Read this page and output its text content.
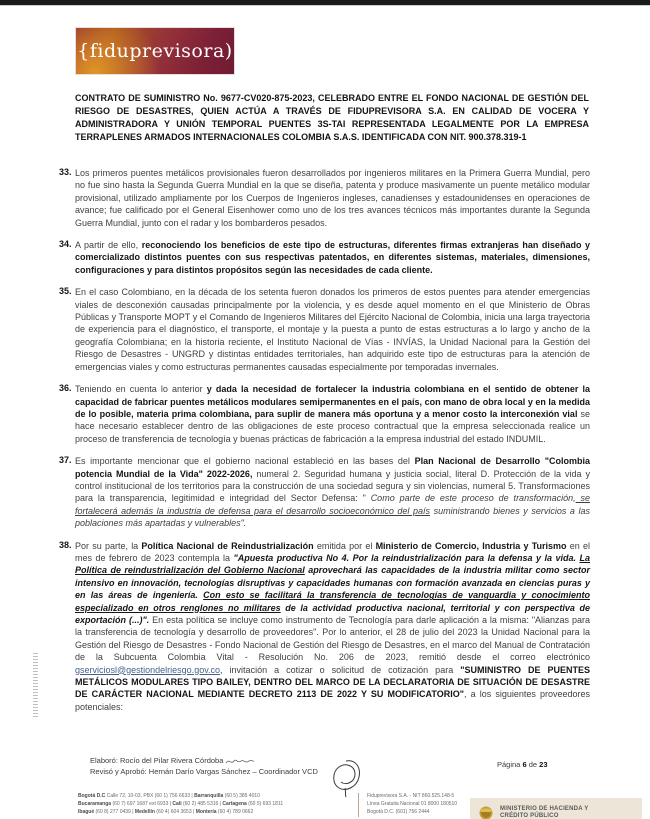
{fiduprevisora)
CONTRATO DE SUMINISTRO No. 9677-CV020-875-2023, CELEBRADO ENTRE EL FONDO NACIONAL DE GESTIÓN DEL RIESGO DE DESASTRES, QUIEN ACTÚA A TRAVÉS DE FIDUPREVISORA S.A. EN CALIDAD DE VOCERA Y ADMINISTRADORA Y UNIÓN TEMPORAL PUENTES 3S-TAI REPRESENTADA LEGALMENTE POR LA EMPRESA TERRAPLENES ARMADOS INTERNACIONALES COLOMBIA S.A.S. IDENTIFICADA CON NIT. 900.378.319-1
33. Los primeros puentes metálicos provisionales fueron desarrollados por ingenieros militares en la Primera Guerra Mundial, pero no fue sino hasta la Segunda Guerra Mundial en la que se diseña, patenta y produce masivamente un puente metálico modular provisional, utilizado ampliamente por los Cuerpos de Ingenieros ingleses, canadienses y estadounidenses en operaciones de avance; fue calificado por el General Eisenhower como uno de los tres avances técnicos más importantes durante la Segunda Guerra Mundial, junto con el radar y los bombarderos pesados.
34. A partir de ello, reconociendo los beneficios de este tipo de estructuras, diferentes firmas extranjeras han diseñado y comercializado distintos puentes con sus respectivas patentados, en diferentes sistemas, materiales, dimensiones, configuraciones y para distintos propósitos según las necesidades de cada cliente.
35. En el caso Colombiano, en la década de los setenta fueron donados los primeros de estos puentes para atender emergencias viales de desconexión causadas principalmente por la violencia, y es desde aquel momento en el que Ministerio de Obras Públicas y Transporte MOPT y el Comando de Ingenieros Militares del Ejército Nacional de Colombia, inicia una larga trayectoria de experiencia para el diagnóstico, el transporte, el montaje y la puesta a punto de estas estructuras a lo largo y ancho de la geografía Colombiana; en la historia reciente, el Instituto Nacional de Vías - INVÍAS, la Unidad Nacional para la Gestión del Riesgo de Desastres - UNGRD y distintas entidades territoriales, han adquirido este tipo de estructuras para la atención de emergencias viales y como estructuras permanentes causadas especialmente por temporadas invernales.
36. Teniendo en cuenta lo anterior y dada la necesidad de fortalecer la industria colombiana en el sentido de obtener la capacidad de fabricar puentes metálicos modulares semipermanentes en el país, con mano de obra local y en la medida de lo posible, materia prima colombiana, para suplir de manera más oportuna y a menor costo la interconexión vial se hace necesario establecer dentro de las obligaciones de este proceso contractual que la empresa seleccionada realice un proceso de transferencia de tecnología y buenas prácticas de fabricación a la empresa industrial del estado INDUMIL.
37. Es importante mencionar que el gobierno nacional estableció en las bases del Plan Nacional de Desarrollo "Colombia potencia Mundial de la Vida" 2022-2026, numeral 2. Seguridad humana y justicia social, literal D. Protección de la vida y control institucional de los territorios para la construcción de una sociedad segura y sin violencias, numeral 5. Transformaciones para la transparencia, legitimidad e integridad del Sector Defensa: " Como parte de este proceso de transformación, se fortalecerá además la industria de defensa para el desarrollo socioeconómico del país suministrando bienes y servicios a las poblaciones más apartadas y vulnerables".
38. Por su parte, la Política Nacional de Reindustrialización emitida por el Ministerio de Comercio, Industria y Turismo en el mes de febrero de 2023 contempla la "Apuesta productiva No 4. Por la reindustrialización para la defensa y la vida. La Política de reindustrialización del Gobierno Nacional aprovechará las capacidades de la industria militar como sector intensivo en innovación, tecnologías disruptivas y capacidades humanas con formación avanzada en ciencias puras y en las áreas de ingeniería. Con esto se facilitará la transferencia de tecnologías de vanguardia y conocimiento especializado en otros renglones no militares de la actividad productiva nacional, territorial y con perspectiva de exportación (...)". En esta política se incluye como instrumento de Tecnología para darle aplicación a la misma: "Alianzas para la transferencia de tecnología y desarrollo de proveedores". Por lo anterior, el 28 de julio del 2023 la Unidad Nacional para la Gestión del Riesgo de Desastres - Fondo Nacional de Gestión del Riesgo de Desastres, en el marco del Manual de Contratación de la Subcuenta Colombia Vital - Resolución No. 206 de 2023, remitió desde el correo electrónico gserviciosl@gestiondelriesgo.gov.co, invitación a cotizar o solicitud de cotización para "SUMINISTRO DE PUENTES METÁLICOS MODULARES TIPO BAILEY, DENTRO DEL MARCO DE LA DECLARATORIA DE SITUACIÓN DE DESASTRE DE CARÁCTER NACIONAL MEDIANTE DECRETO 2113 DE 2022 Y SU MODIFICATORIO", a los siguientes proveedores potenciales:
Elaboró: Rocío del Pilar Rivera Córdoba
Revisó y Aprobó: Hernán Darío Vargas Sánchez – Coordinador VCD
Página 6 de 23
Bogotá D.C Calle 72, 10-03, PBX (60 1) 756 6633 | Barranquilla (60 5) 385 4010
Bucaramanga (60 7) 697 1687 ext 6933 | Cali (60 2) 485 5316 | Cartagena (60 5) 693 1811
Ibagué (60 8) 277 0439 | Medellín (60 4) 604 3653 | Montería (60 4) 789 0662
Fiduprevisora S.A. - NIT 860.525.148-5
Línea Gratuita Nacional 01 8000 180510
Bogotá D.C. (601) 756 2444	MINISTERIO DE HACIENDA Y
CRÉDITO PÚBLICO
